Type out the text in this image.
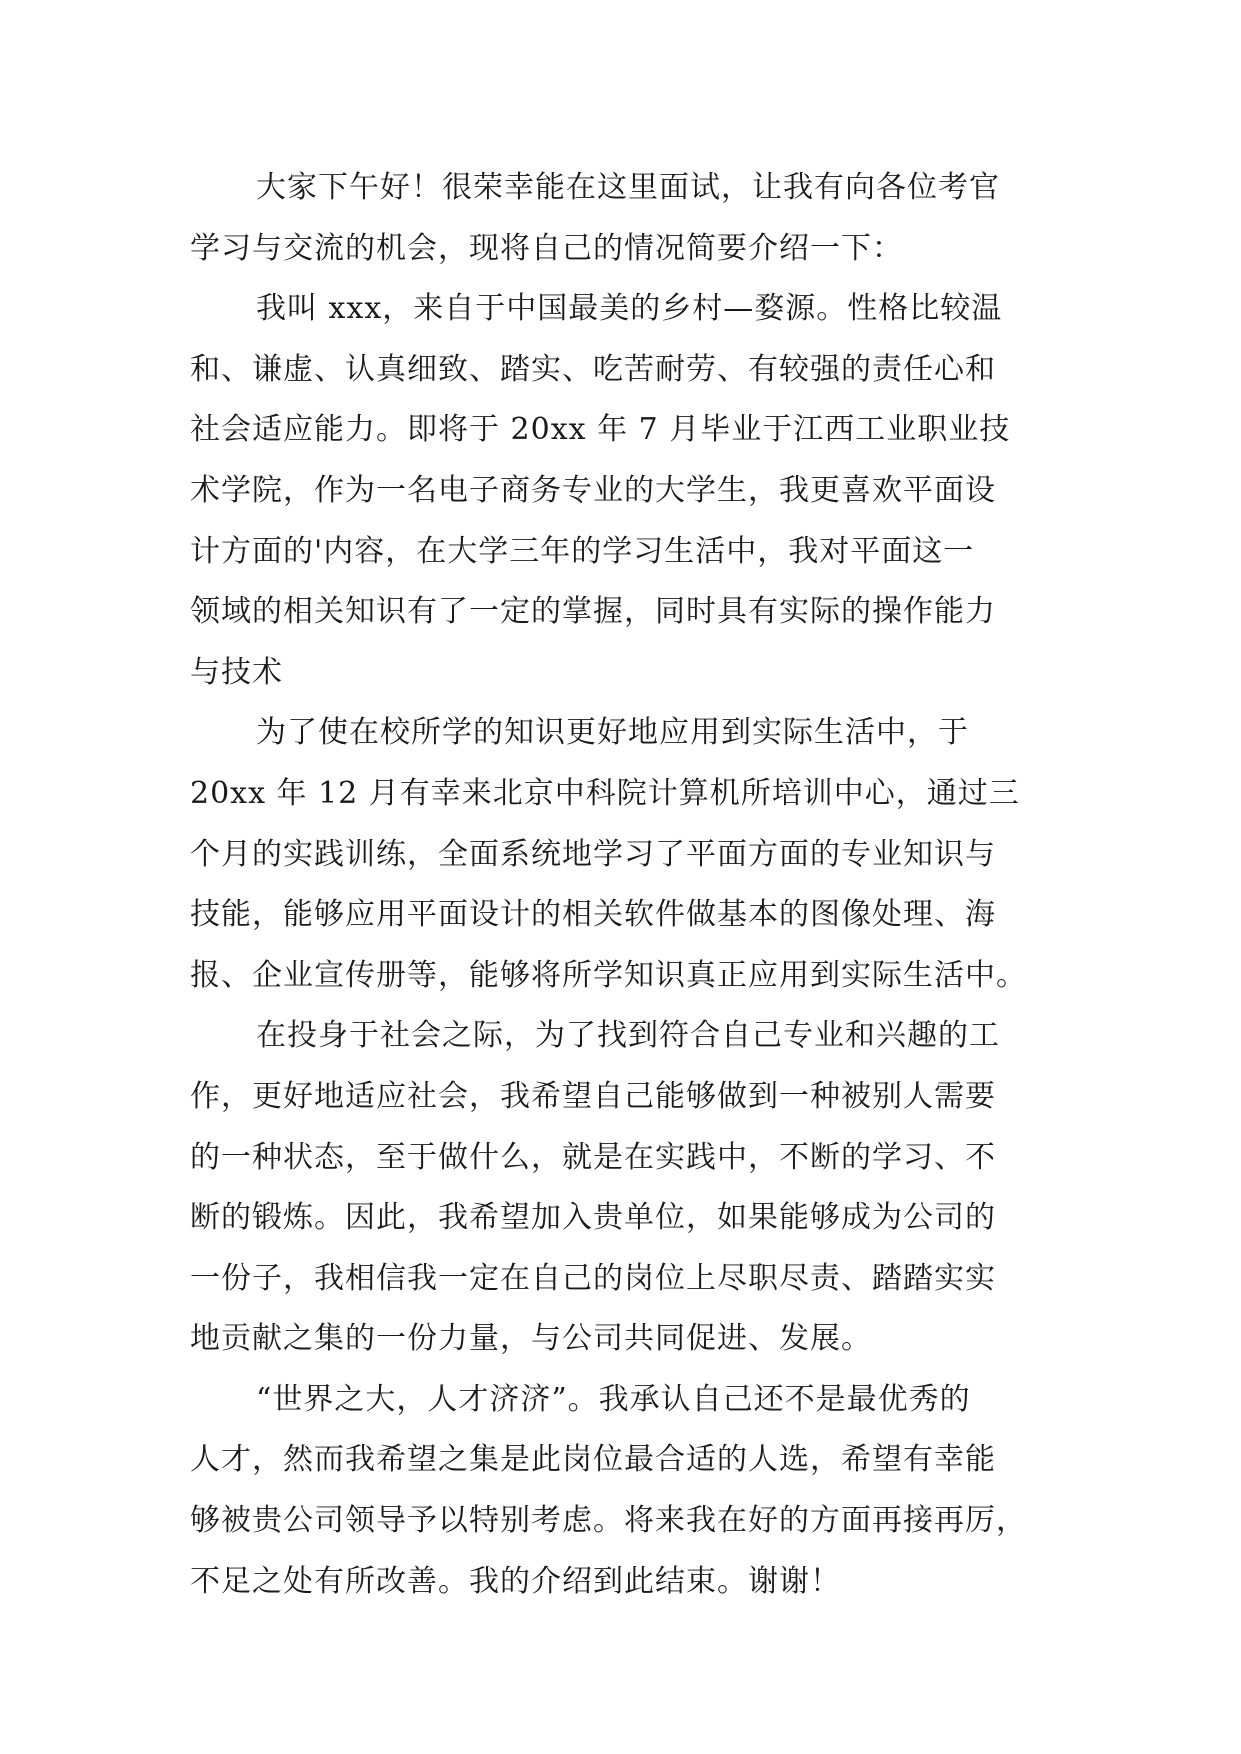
大家下午好！很荣幸能在这里面试，让我有向各位考官
学习与交流的机会，现将自己的情况简要介绍一下：
我叫 xxx，来自于中国最美的乡村—婺源。性格比较温
和、谦虚、认真细致、踏实、吃苦耐劳、有较强的责任心和
社会适应能力。即将于 20xx 年 7 月毕业于江西工业职业技
术学院，作为一名电子商务专业的大学生，我更喜欢平面设
计方面的'内容，在大学三年的学习生活中，我对平面这一
领域的相关知识有了一定的掌握，同时具有实际的操作能力
与技术
为了使在校所学的知识更好地应用到实际生活中，于
20xx 年 12 月有幸来北京中科院计算机所培训中心，通过三
个月的实践训练，全面系统地学习了平面方面的专业知识与
技能，能够应用平面设计的相关软件做基本的图像处理、海
报、企业宣传册等，能够将所学知识真正应用到实际生活中。
在投身于社会之际，为了找到符合自己专业和兴趣的工
作，更好地适应社会，我希望自己能够做到一种被别人需要
的一种状态，至于做什么，就是在实践中，不断的学习、不
断的锻炼。因此，我希望加入贵单位，如果能够成为公司的
一份子，我相信我一定在自己的岗位上尽职尽责、踏踏实实
地贡献之集的一份力量，与公司共同促进、发展。
“世界之大，人才济济”。我承认自己还不是最优秀的
人才，然而我希望之集是此岗位最合适的人选，希望有幸能
够被贵公司领导予以特别考虑。将来我在好的方面再接再厉，
不足之处有所改善。我的介绍到此结束。谢谢！
